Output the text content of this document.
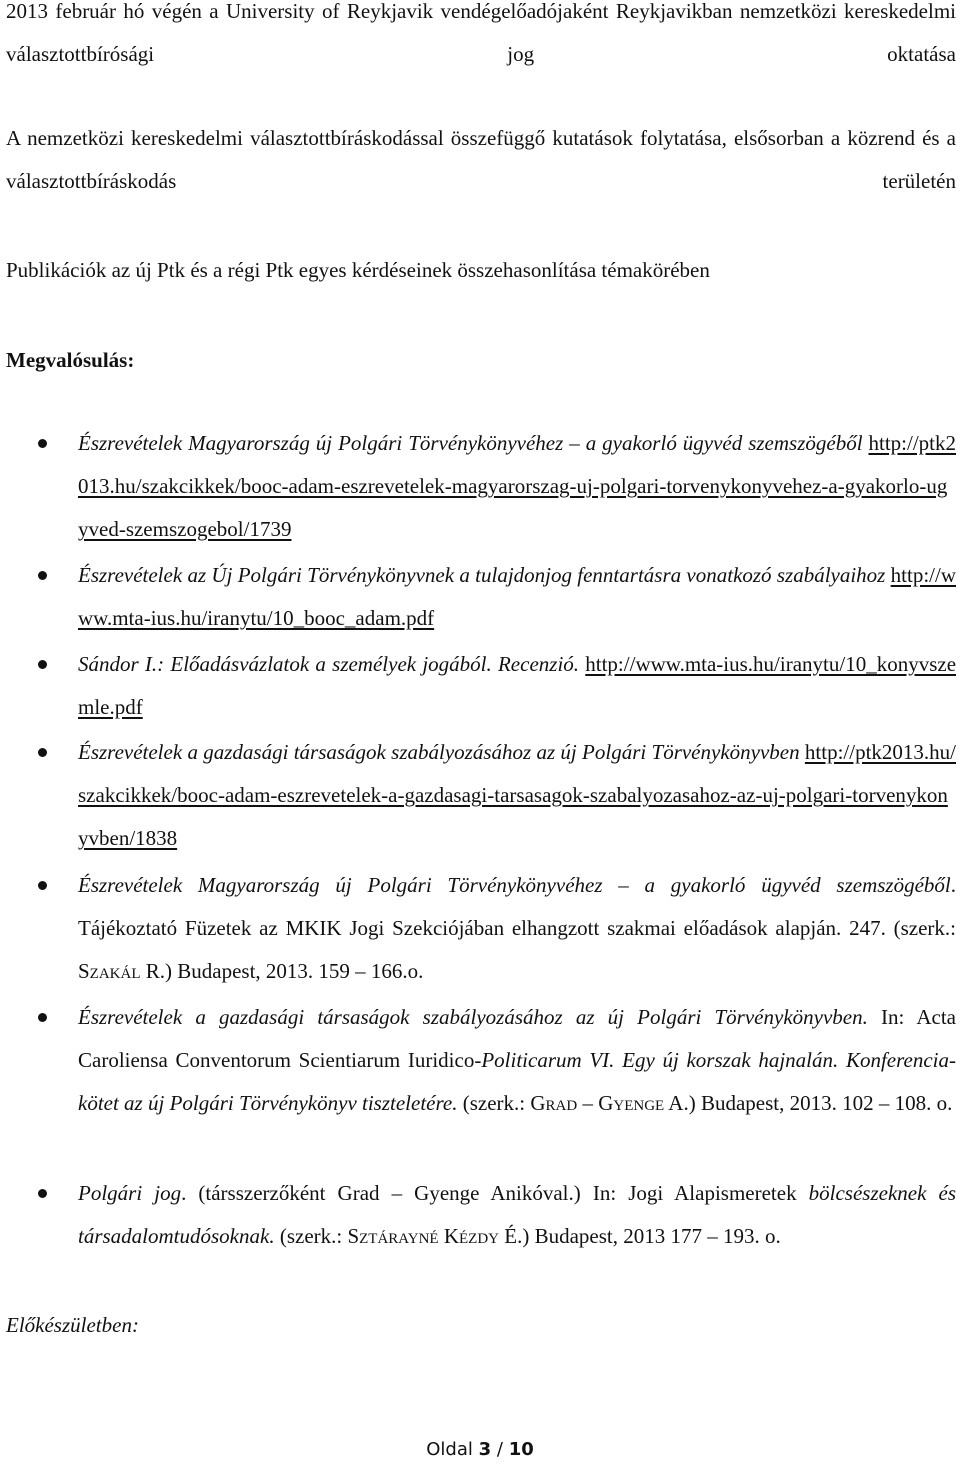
2013 február hó végén a University of Reykjavik vendégelőadójaként Reykjavikban nemzetközi kereskedelmi választottbírósági jog oktatása
A nemzetközi kereskedelmi választottbíráskodással összefüggő kutatások folytatása, elsősorban a közrend és a választottbíráskodás területén
Publikációk az új Ptk és a régi Ptk egyes kérdéseinek összehasonlítása témakörében
Megvalósulás:
Észrevételek Magyarország új Polgári Törvénykönyvéhez – a gyakorló ügyvéd szemszögéből http://ptk2013.hu/szakcikkek/booc-adam-eszrevetelek-magyarorszag-uj-polgari-torvenykonyvehez-a-gyakorlo-ugyved-szemszogebol/1739
Észrevételek az Új Polgári Törvénykönyvnek a tulajdonjog fenntartásra vonatkozó szabályaihoz http://www.mta-ius.hu/iranytu/10_booc_adam.pdf
Sándor I.: Előadásvázlatok a személyek jogából. Recenzió. http://www.mta-ius.hu/iranytu/10_konyvszemle.pdf
Észrevételek a gazdasági társaságok szabályozásához az új Polgári Törvénykönyvben http://ptk2013.hu/szakcikkek/booc-adam-eszrevetelek-a-gazdasagi-tarsasagok-szabalyozasahoz-az-uj-polgari-torvenykonyvben/1838
Észrevételek Magyarország új Polgári Törvénykönyvéhez – a gyakorló ügyvéd szemszögéből. Tájékoztató Füzetek az MKIK Jogi Szekciójában elhangzott szakmai előadások alapján. 247. (szerk.: Szakál R.) Budapest, 2013. 159 – 166.o.
Észrevételek a gazdasági társaságok szabályozásához az új Polgári Törvénykönyvben. In: Acta Caroliensa Conventorum Scientiarum Iuridico-Politicarum VI. Egy új korszak hajnalán. Konferencia-kötet az új Polgári Törvénykönyv tiszteletére. (szerk.: Grad – Gyenge A.) Budapest, 2013. 102 – 108. o.
Polgári jog. (társszerzőként Grad – Gyenge Anikóval.) In: Jogi Alapismeretek bölcsészeknek és társadalomtudósoknak. (szerk.: Sztárayné Kézdy É.) Budapest, 2013 177 – 193. o.
Előkészületben:
Oldal 3 / 10
